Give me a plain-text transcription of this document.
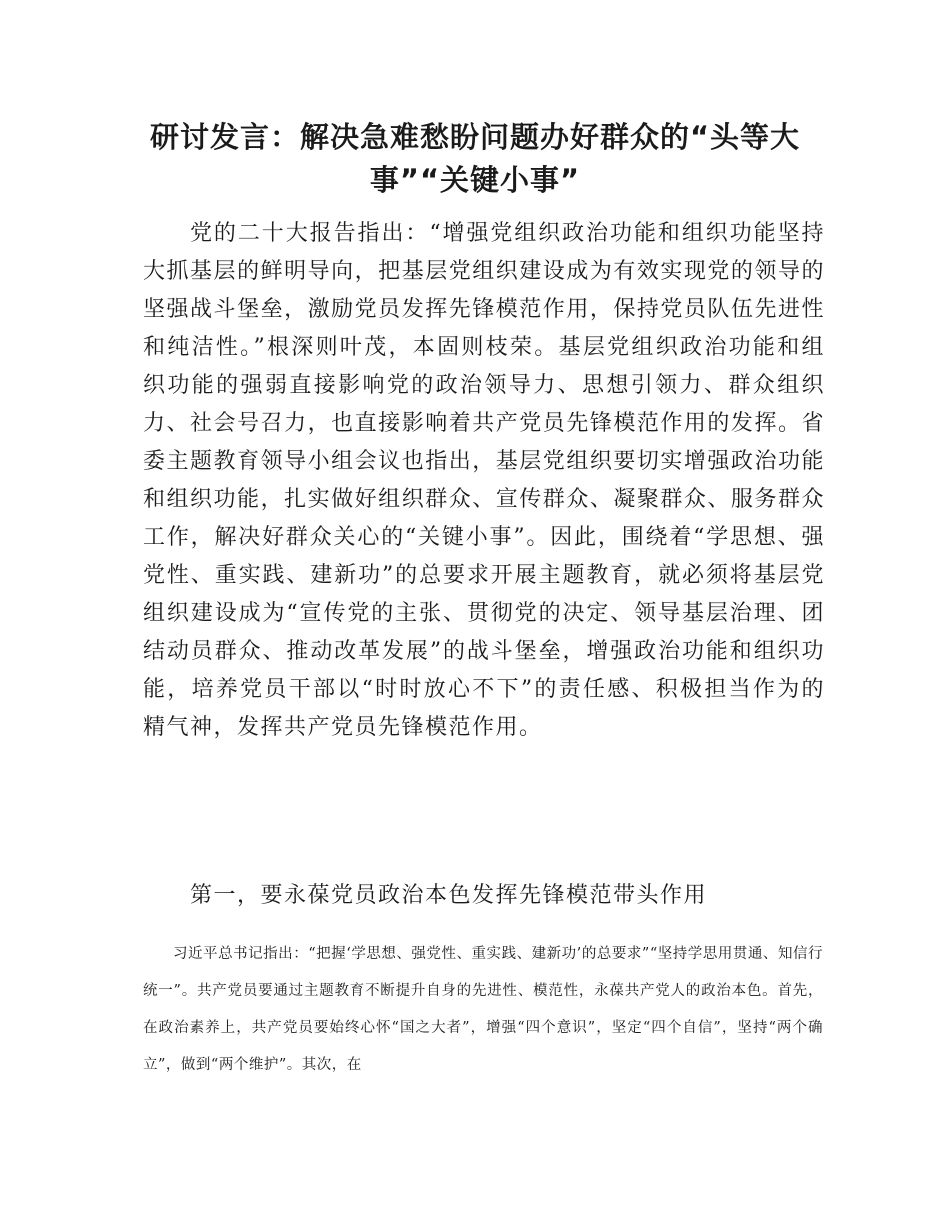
研讨发言：解决急难愁盼问题办好群众的“头等大事”“关键小事”

党的二十大报告指出：“增强党组织政治功能和组织功能坚持大抓基层的鲜明导向，把基层党组织建设成为有效实现党的领导的坚强战斗堡垒，激励党员发挥先锋模范作用，保持党员队伍先进性和纯洁性。”根深则叶茂，本固则枝荣。基层党组织政治功能和组织功能的强弱直接影响党的政治领导力、思想引领力、群众组织力、社会号召力，也直接影响着共产党员先锋模范作用的发挥。省委主题教育领导小组会议也指出，基层党组织要切实增强政治功能和组织功能，扎实做好组织群众、宣传群众、凝聚群众、服务群众工作，解决好群众关心的“关键小事”。因此，围绕着“学思想、强党性、重实践、建新功”的总要求开展主题教育，就必须将基层党组织建设成为“宣传党的主张、贯彻党的决定、领导基层治理、团结动员群众、推动改革发展”的战斗堡垒，增强政治功能和组织功能，培养党员干部以“时时放心不下”的责任感、积极担当作为的精气神，发挥共产党员先锋模范作用。

第一，要永葆党员政治本色发挥先锋模范带头作用

习近平总书记指出：“把握‘学思想、强党性、重实践、建新功’的总要求”“坚持学思用贯通、知信行统一”。共产党员要通过主题教育不断提升自身的先进性、模范性，永葆共产党人的政治本色。首先，在政治素养上，共产党员要始终心怀“国之大者”，增强“四个意识”，坚定“四个自信”，坚持“两个确立”，做到“两个维护”。其次，在
